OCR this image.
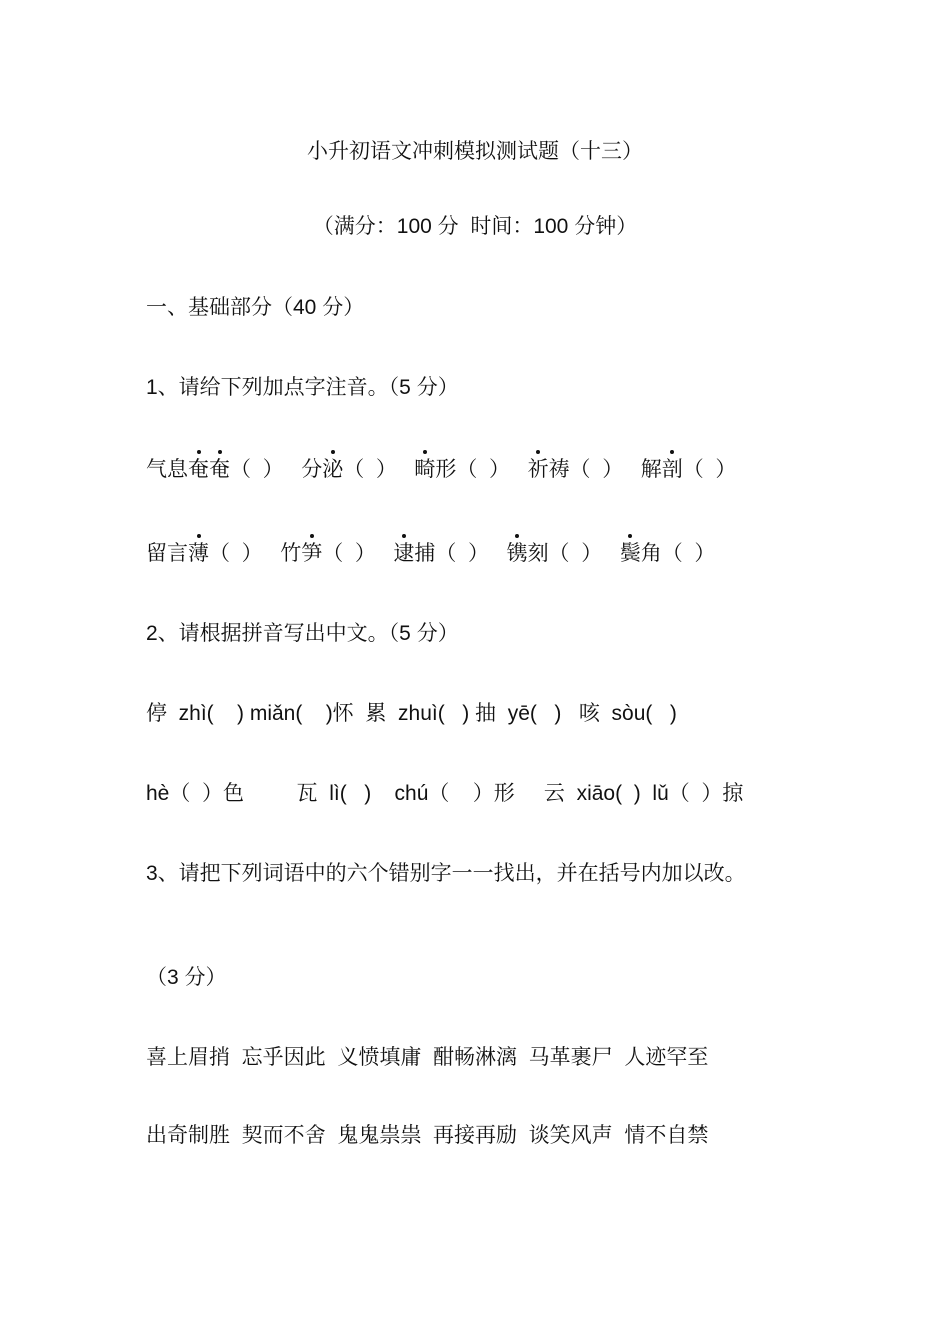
小升初语文冲刺模拟测试题（十三）
（满分：100 分  时间：100 分钟）
一、基础部分（40 分）
1、请给下列加点字注音。（5 分）
气息奄奄（  ）   分泌（  ）   畸形（  ）   祈祷（  ）   解剖（  ）
留言薄（  ）   竹笋（  ）   逮捕（  ）   镌刻（  ）   鬓角（  ）
2、请根据拼音写出中文。（5 分）
停  zhì(    ) miǎn(    )怀  累  zhuì(   ) 抽  yē(   )   咳  sòu(   )
hè（  ）色         瓦  lì(   )    chú（    ）形     云  xiāo(  )  lǔ（  ）掠
3、请把下列词语中的六个错别字一一找出，并在括号内加以改。
（3 分）
喜上眉捎  忘乎因此  义愤填庸  酣畅淋漓  马革裹尸  人迹罕至
出奇制胜  契而不舍  鬼鬼祟祟  再接再励  谈笑风声  情不自禁
